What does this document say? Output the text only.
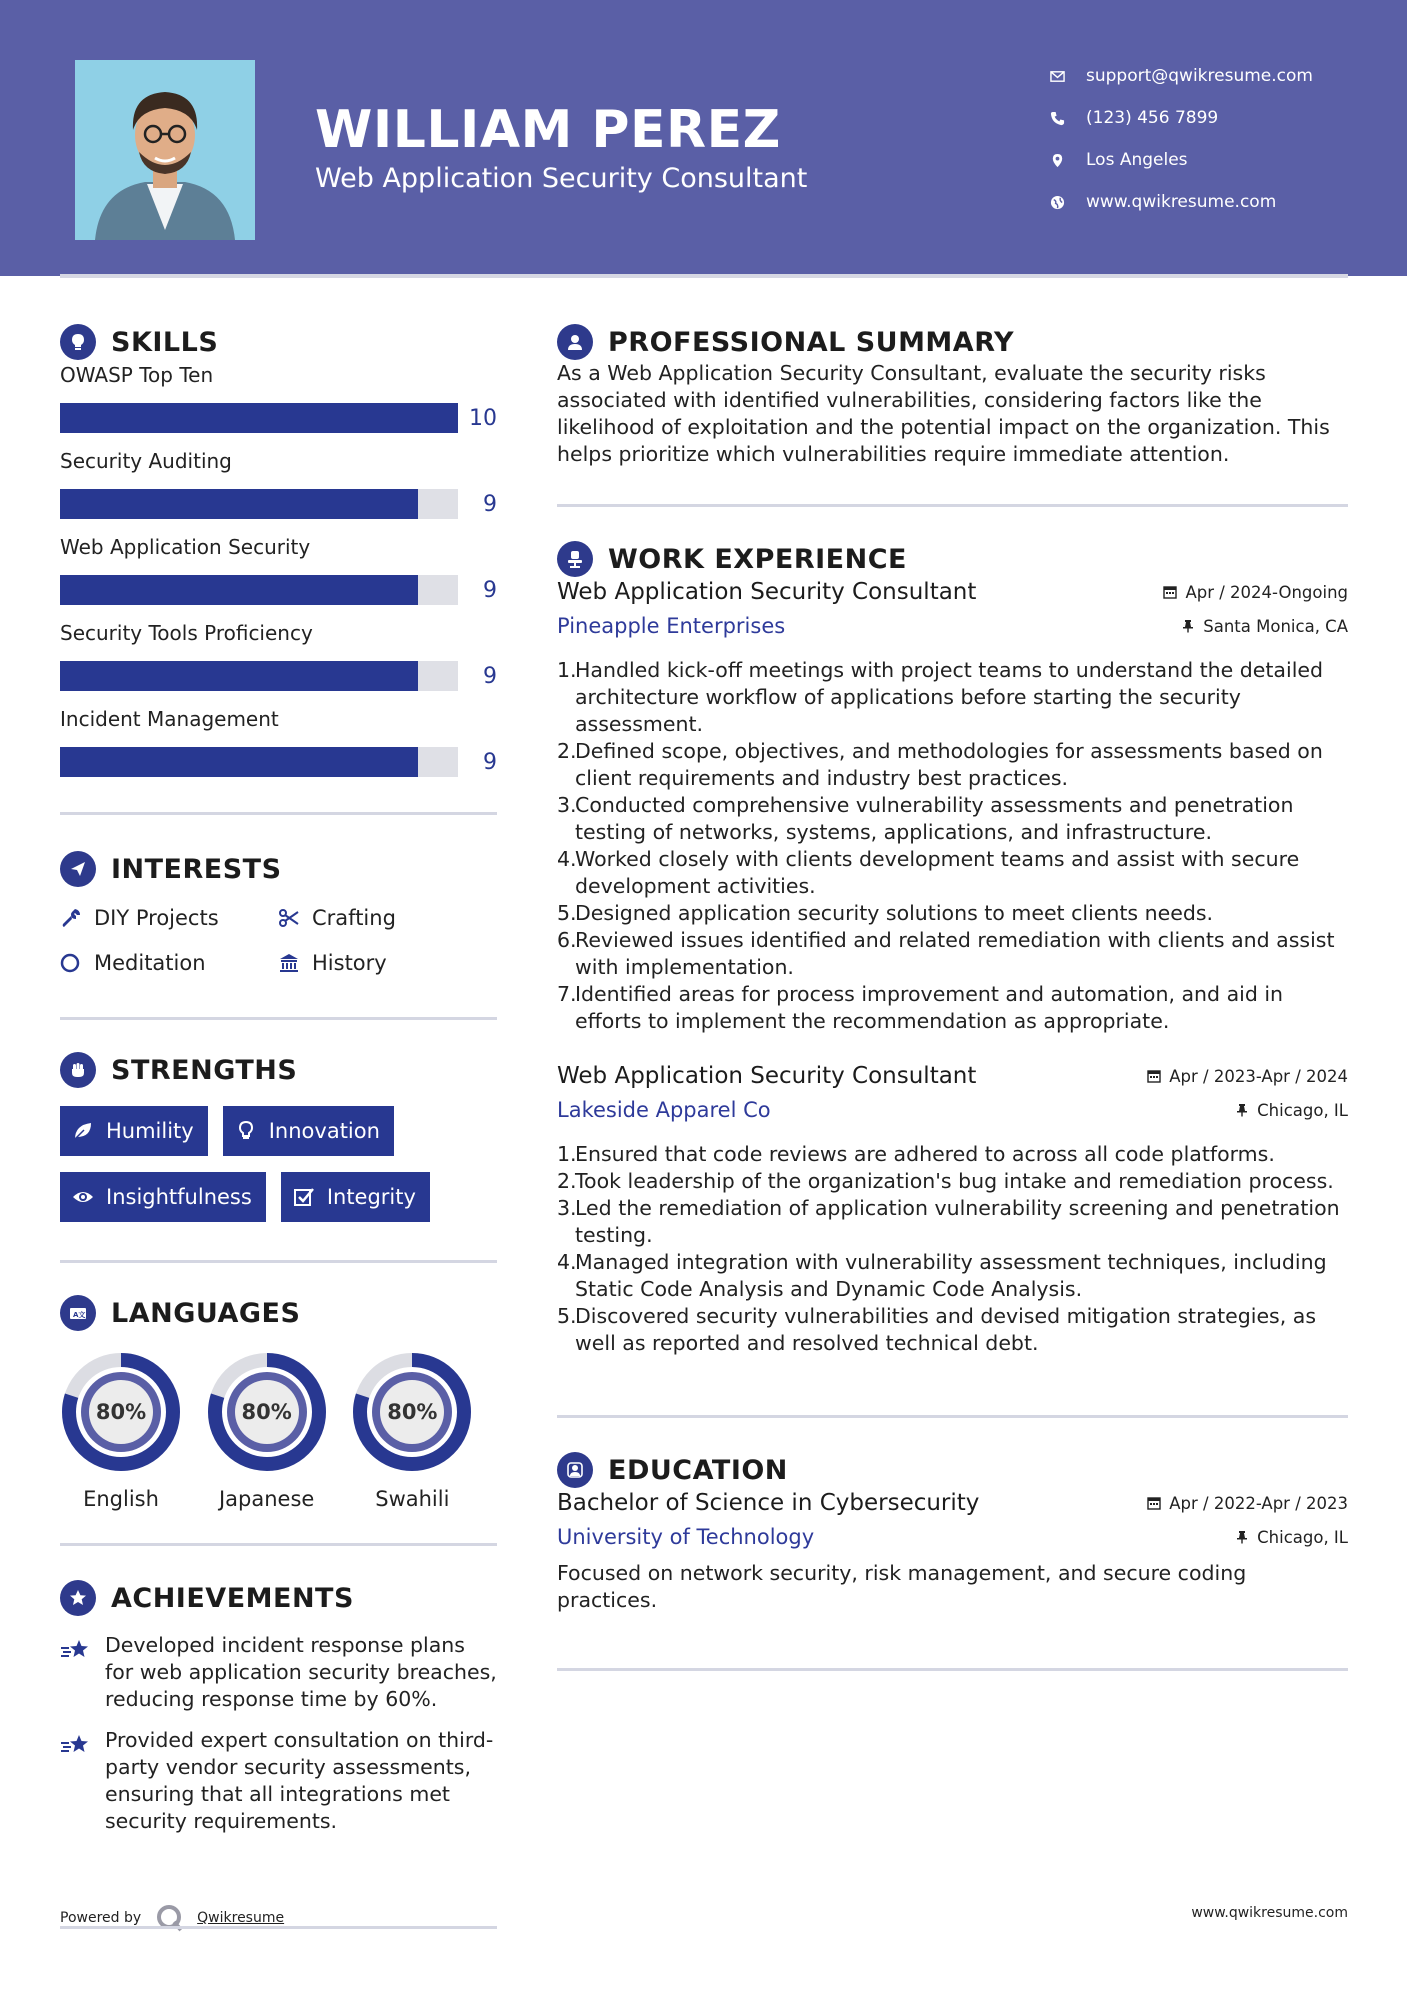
WILLIAM PEREZ
Web Application Security Consultant
support@qwikresume.com
(123) 456 7899
Los Angeles
www.qwikresume.com
SKILLS
OWASP Top Ten
10
Security Auditing
9
Web Application Security
9
Security Tools Proficiency
9
Incident Management
9
INTERESTS
DIY Projects	Crafting
Meditation	History
STRENGTHS
Humility	Innovation
Insightfulness	Integrity
A文 LANGUAGES
80%
English
80%
Japanese
80%
Swahili
ACHIEVEMENTS
Developed incident response plans for web application security breaches, reducing response time by 60%.
Provided expert consultation on third-party vendor security assessments, ensuring that all integrations met security requirements.
PROFESSIONAL SUMMARY

As a Web Application Security Consultant, evaluate the security risks associated with identified vulnerabilities, considering factors like the likelihood of exploitation and the potential impact on the organization. This helps prioritize which vulnerabilities require immediate attention.

WORK EXPERIENCE
Web Application Security Consultant	Apr / 2024-Ongoing
Pineapple Enterprises	Santa Monica, CA
Handled kick-off meetings with project teams to understand the detailed architecture workflow of applications before starting the security assessment.
Defined scope, objectives, and methodologies for assessments based on client requirements and industry best practices.
Conducted comprehensive vulnerability assessments and penetration testing of networks, systems, applications, and infrastructure.
Worked closely with clients development teams and assist with secure development activities.
Designed application security solutions to meet clients needs.
Reviewed issues identified and related remediation with clients and assist with implementation.
Identified areas for process improvement and automation, and aid in efforts to implement the recommendation as appropriate.
Web Application Security Consultant	Apr / 2023-Apr / 2024
Lakeside Apparel Co	Chicago, IL
Ensured that code reviews are adhered to across all code platforms.
Took leadership of the organization's bug intake and remediation process.
Led the remediation of application vulnerability screening and penetration testing.
Managed integration with vulnerability assessment techniques, including Static Code Analysis and Dynamic Code Analysis.
Discovered security vulnerabilities and devised mitigation strategies, as well as reported and resolved technical debt.
EDUCATION
Bachelor of Science in Cybersecurity	Apr / 2022-Apr / 2023
University of Technology	Chicago, IL

Focused on network security, risk management, and secure coding practices.

Powered by	Qwikresume	www.qwikresume.com
